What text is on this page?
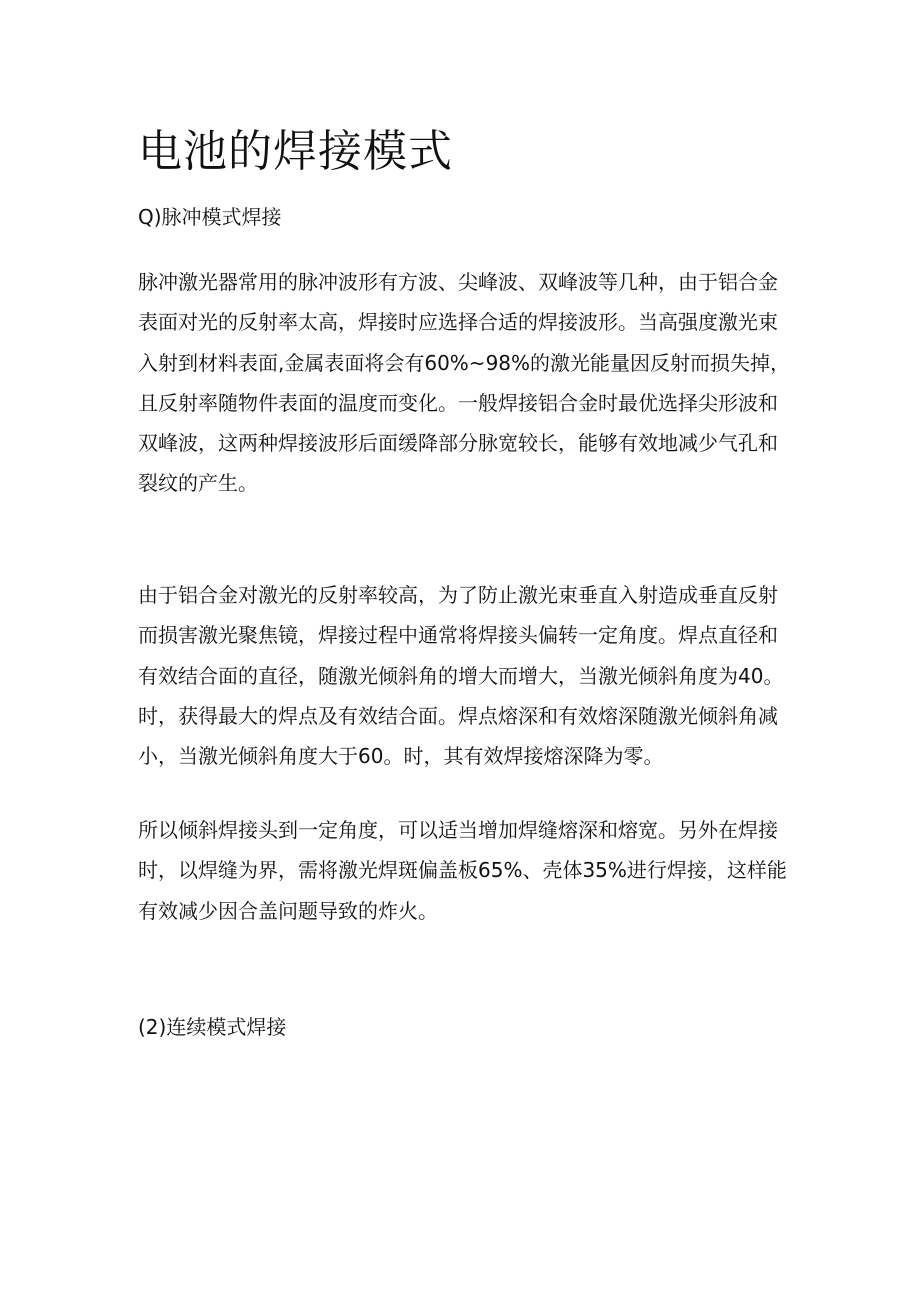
电池的焊接模式
Q)脉冲模式焊接
脉冲激光器常用的脉冲波形有方波、尖峰波、双峰波等几种，由于铝合金
表面对光的反射率太高，焊接时应选择合适的焊接波形。当高强度激光束
入射到材料表面,金属表面将会有60%~98%的激光能量因反射而损失掉，
且反射率随物件表面的温度而变化。一般焊接铝合金时最优选择尖形波和
双峰波，这两种焊接波形后面缓降部分脉宽较长，能够有效地减少气孔和
裂纹的产生。
由于铝合金对激光的反射率较高，为了防止激光束垂直入射造成垂直反射
而损害激光聚焦镜，焊接过程中通常将焊接头偏转一定角度。焊点直径和
有效结合面的直径，随激光倾斜角的增大而增大，当激光倾斜角度为40。
时，获得最大的焊点及有效结合面。焊点熔深和有效熔深随激光倾斜角减
小，当激光倾斜角度大于60。时，其有效焊接熔深降为零。
所以倾斜焊接头到一定角度，可以适当增加焊缝熔深和熔宽。另外在焊接
时，以焊缝为界，需将激光焊斑偏盖板65%、壳体35%进行焊接，这样能
有效减少因合盖问题导致的炸火。
(2)连续模式焊接
